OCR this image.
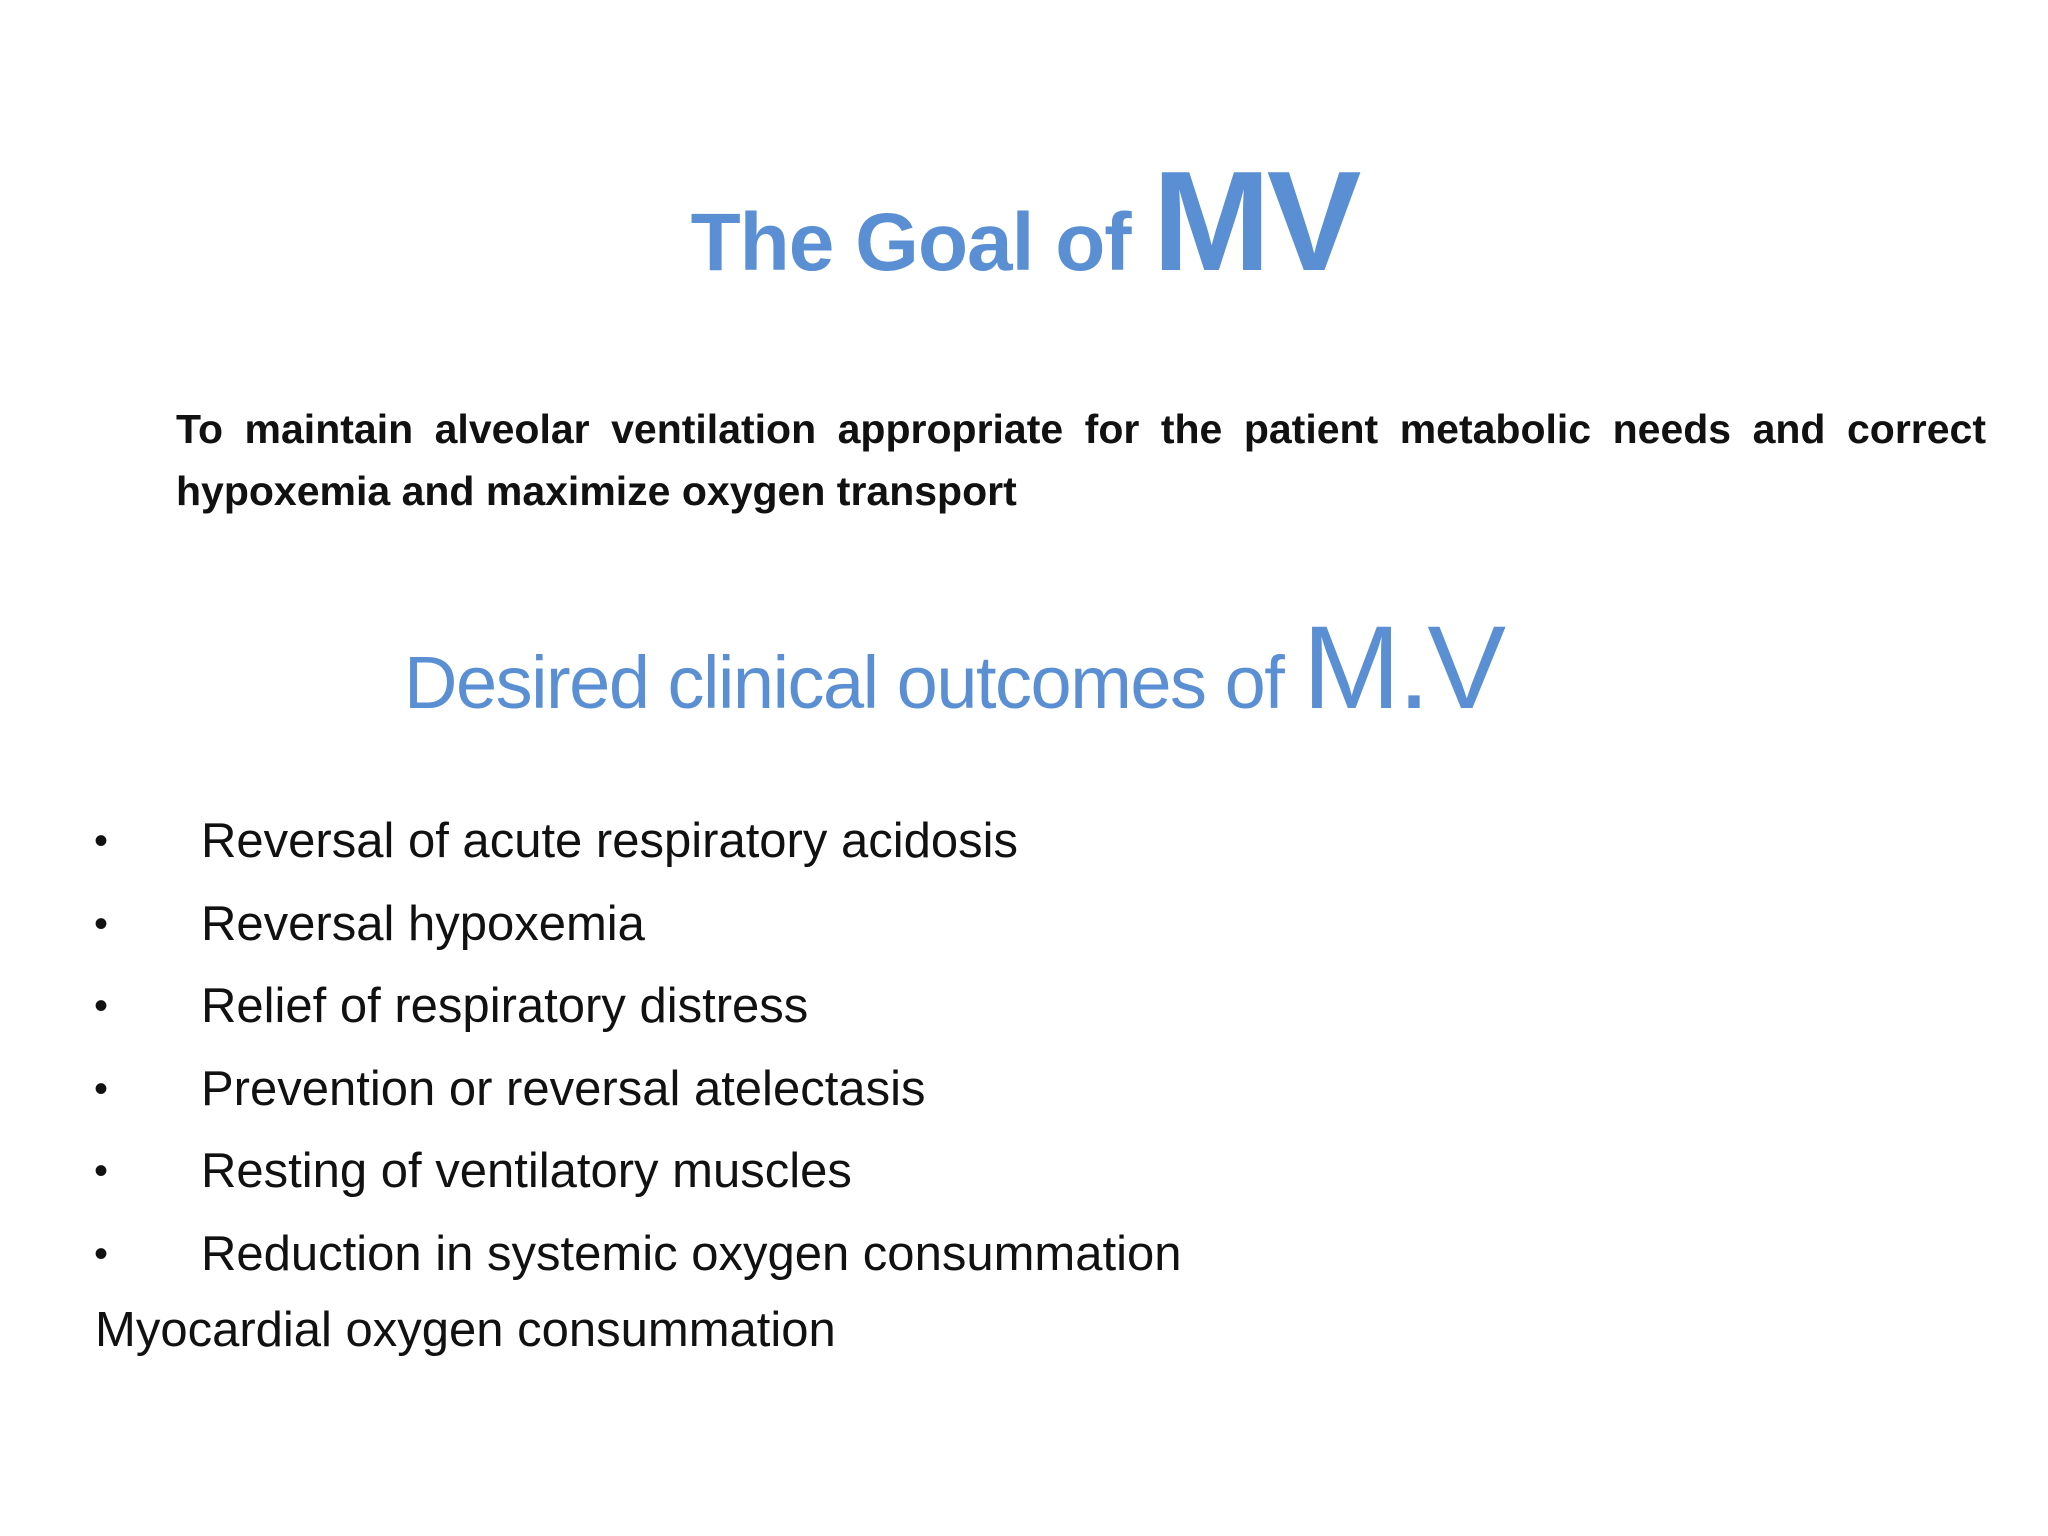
The Goal of MV
To maintain alveolar ventilation appropriate for the patient metabolic needs and correct hypoxemia and maximize oxygen transport
Desired clinical outcomes of M.V
• Reversal of acute respiratory acidosis
• Reversal hypoxemia
• Relief of respiratory distress
• Prevention or reversal atelectasis
• Resting of ventilatory muscles
• Reduction in systemic oxygen consummation
Myocardial oxygen consummation
